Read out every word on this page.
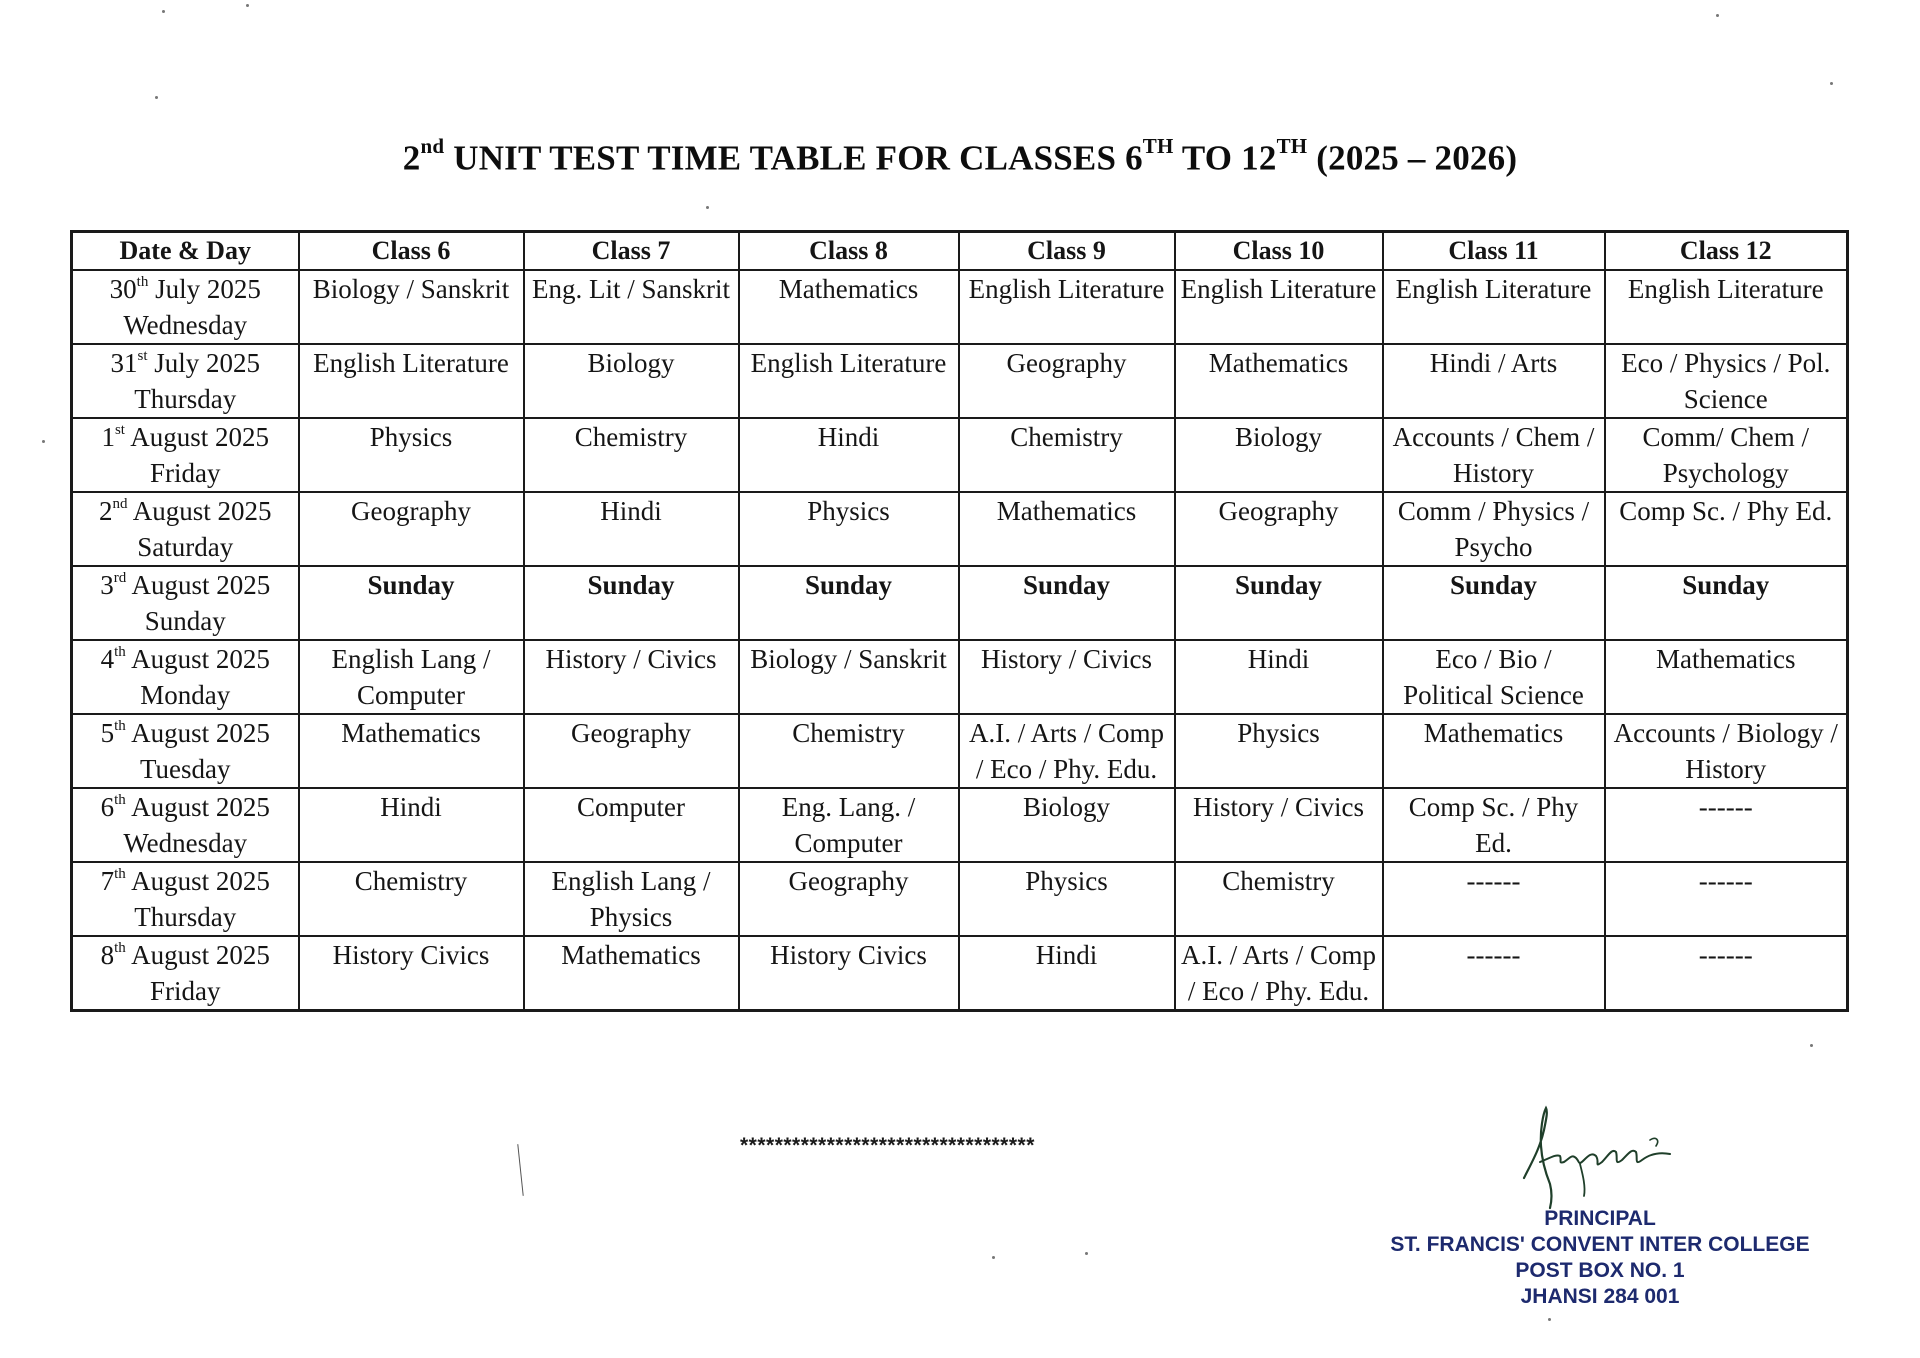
2nd UNIT TEST TIME TABLE FOR CLASSES 6TH TO 12TH (2025 – 2026)
Date & Day	Class 6	Class 7	Class 8	Class 9	Class 10	Class 11	Class 12

30th July 2025
Wednesday	Biology / Sanskrit	Eng. Lit / Sanskrit	Mathematics	English Literature	English Literature	English Literature	English Literature

31st July 2025
Thursday	English Literature	Biology	English Literature	Geography	Mathematics	Hindi / Arts	Eco / Physics / Pol. Science

1st August 2025
Friday	Physics	Chemistry	Hindi	Chemistry	Biology	Accounts / Chem / History	Comm/ Chem / Psychology

2nd August 2025
Saturday	Geography	Hindi	Physics	Mathematics	Geography	Comm / Physics / Psycho	Comp Sc. / Phy Ed.

3rd August 2025
Sunday	Sunday	Sunday	Sunday	Sunday	Sunday	Sunday	Sunday

4th August 2025
Monday	English Lang / Computer	History / Civics	Biology / Sanskrit	History / Civics	Hindi	Eco / Bio / Political Science	Mathematics

5th August 2025
Tuesday	Mathematics	Geography	Chemistry	A.I. / Arts / Comp / Eco / Phy. Edu.	Physics	Mathematics	Accounts / Biology / History

6th August 2025
Wednesday	Hindi	Computer	Eng. Lang. / Computer	Biology	History / Civics	Comp Sc. / Phy Ed.	------

7th August 2025
Thursday	Chemistry	English Lang / Physics	Geography	Physics	Chemistry	------	------

8th August 2025
Friday	History Civics	Mathematics	History Civics	Hindi	A.I. / Arts / Comp / Eco / Phy. Edu.	------	------
**********************************
PRINCIPAL
ST. FRANCIS' CONVENT INTER COLLEGE
POST BOX NO. 1
JHANSI 284 001
